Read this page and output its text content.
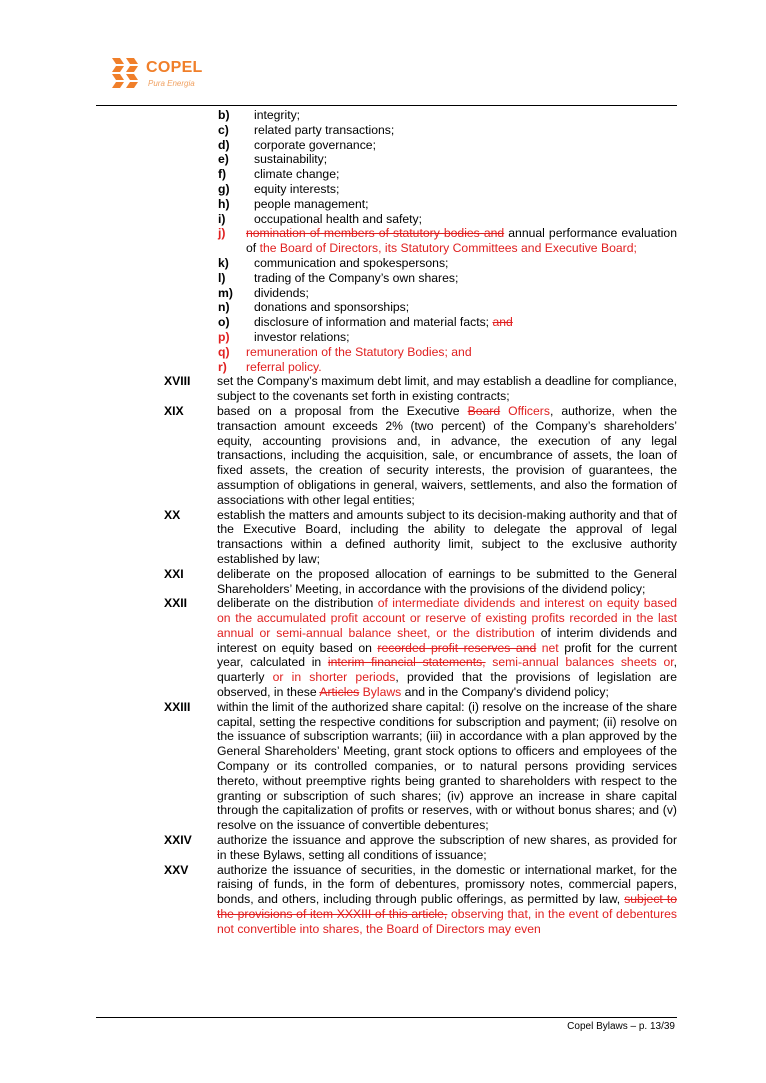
COPEL
Pura Energia
b)	integrity;
c)	related party transactions;
d)	corporate governance;
e)	sustainability;
f)	climate change;
g)	equity interests;
h)	people management;
i)	occupational health and safety;
j)	nomination of members of statutory bodies and annual performance evaluation of the Board of Directors, its Statutory Committees and Executive Board;
k)	communication and spokespersons;
l)	trading of the Company’s own shares;
m)	dividends;
n)	donations and sponsorships;
o)	disclosure of information and material facts; and
p)	investor relations;
q)	remuneration of the Statutory Bodies; and
r)	referral policy.
XVIII	set the Company’s maximum debt limit, and may establish a deadline for compliance, subject to the covenants set forth in existing contracts;
XIX	based on a proposal from the Executive Board Officers, authorize, when the transaction amount exceeds 2% (two percent) of the Company’s shareholders’ equity, accounting provisions and, in advance, the execution of any legal transactions, including the acquisition, sale, or encumbrance of assets, the loan of fixed assets, the creation of security interests, the provision of guarantees, the assumption of obligations in general, waivers, settlements, and also the formation of associations with other legal entities;
XX	establish the matters and amounts subject to its decision-making authority and that of the Executive Board, including the ability to delegate the approval of legal transactions within a defined authority limit, subject to the exclusive authority established by law;
XXI	deliberate on the proposed allocation of earnings to be submitted to the General Shareholders’ Meeting, in accordance with the provisions of the dividend policy;
XXII	deliberate on the distribution of intermediate dividends and interest on equity based on the accumulated profit account or reserve of existing profits recorded in the last annual or semi-annual balance sheet, or the distribution of interim dividends and interest on equity based on recorded profit reserves and net profit for the current year, calculated in interim financial statements, semi-annual balances sheets or, quarterly or in shorter periods, provided that the provisions of legislation are observed, in these Articles Bylaws and in the Company's dividend policy;
XXIII	within the limit of the authorized share capital: (i) resolve on the increase of the share capital, setting the respective conditions for subscription and payment; (ii) resolve on the issuance of subscription warrants; (iii) in accordance with a plan approved by the General Shareholders’ Meeting, grant stock options to officers and employees of the Company or its controlled companies, or to natural persons providing services thereto, without preemptive rights being granted to shareholders with respect to the granting or subscription of such shares; (iv) approve an increase in share capital through the capitalization of profits or reserves, with or without bonus shares; and (v) resolve on the issuance of convertible debentures;
XXIV	authorize the issuance and approve the subscription of new shares, as provided for in these Bylaws, setting all conditions of issuance;
XXV	authorize the issuance of securities, in the domestic or international market, for the raising of funds, in the form of debentures, promissory notes, commercial papers, bonds, and others, including through public offerings, as permitted by law, subject to the provisions of item XXXIII of this article, observing that, in the event of debentures not convertible into shares, the Board of Directors may even
Copel Bylaws – p. 13/39
